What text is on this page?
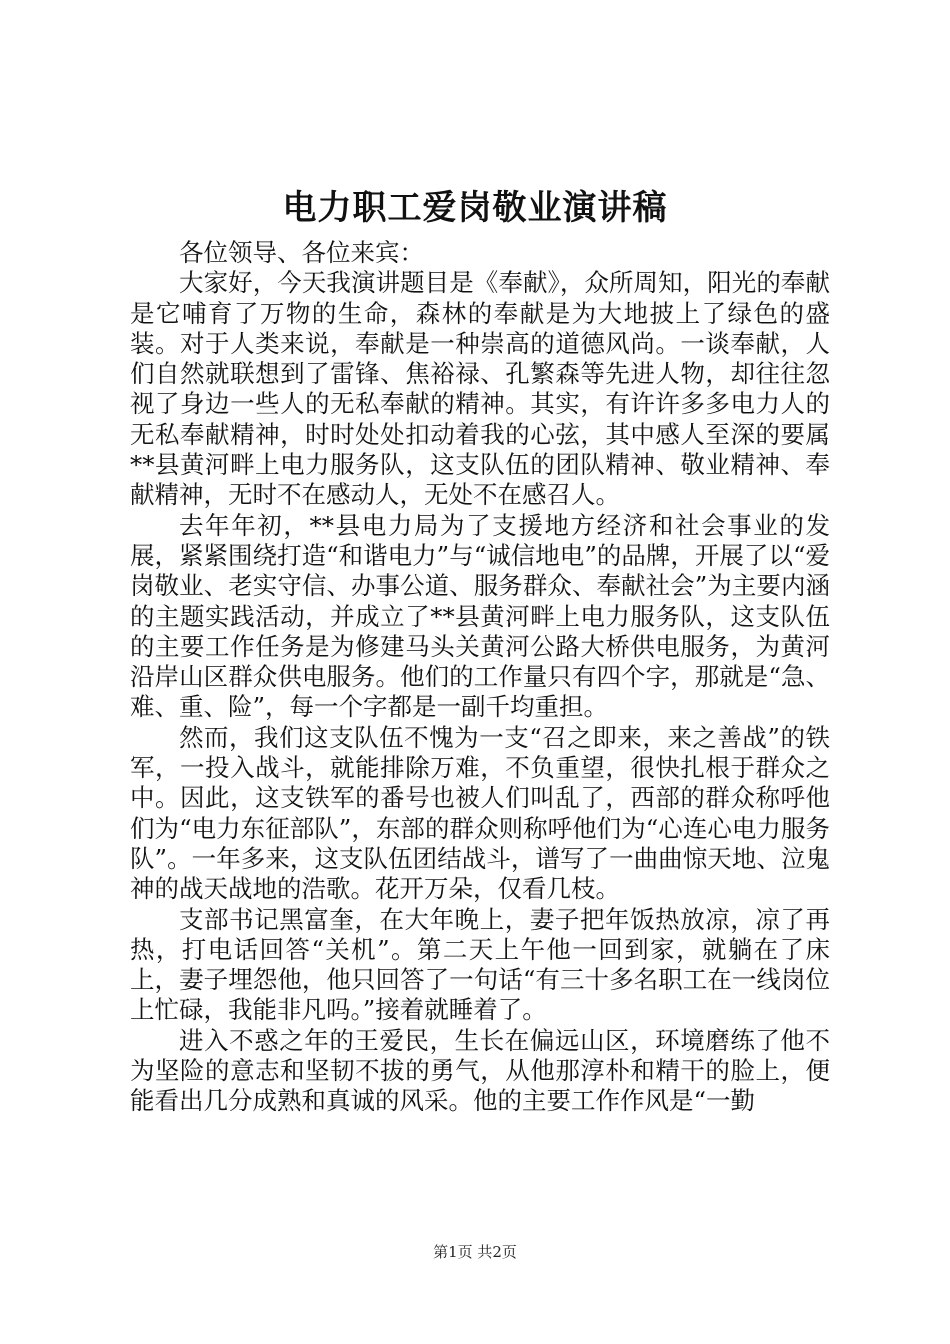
电力职工爱岗敬业演讲稿

各位领导、各位来宾：

大家好，今天我演讲题目是《奉献》，众所周知，阳光的奉献是它哺育了万物的生命，森林的奉献是为大地披上了绿色的盛装。对于人类来说，奉献是一种崇高的道德风尚。一谈奉献，人们自然就联想到了雷锋、焦裕禄、孔繁森等先进人物，却往往忽视了身边一些人的无私奉献的精神。其实，有许许多多电力人的无私奉献精神，时时处处扣动着我的心弦，其中感人至深的要属**县黄河畔上电力服务队，这支队伍的团队精神、敬业精神、奉献精神，无时不在感动人，无处不在感召人。

去年年初，**县电力局为了支援地方经济和社会事业的发展，紧紧围绕打造“和谐电力”与“诚信地电”的品牌，开展了以“爱岗敬业、老实守信、办事公道、服务群众、奉献社会”为主要内涵的主题实践活动，并成立了**县黄河畔上电力服务队，这支队伍的主要工作任务是为修建马头关黄河公路大桥供电服务，为黄河沿岸山区群众供电服务。他们的工作量只有四个字，那就是“急、难、重、险”，每一个字都是一副千均重担。

然而，我们这支队伍不愧为一支“召之即来，来之善战”的铁军，一投入战斗，就能排除万难，不负重望，很快扎根于群众之中。因此，这支铁军的番号也被人们叫乱了，西部的群众称呼他们为“电力东征部队”，东部的群众则称呼他们为“心连心电力服务队”。一年多来，这支队伍团结战斗，谱写了一曲曲惊天地、泣鬼神的战天战地的浩歌。花开万朵，仅看几枝。

支部书记黑富奎，在大年晚上，妻子把年饭热放凉，凉了再热，打电话回答“关机”。第二天上午他一回到家，就躺在了床上，妻子埋怨他，他只回答了一句话“有三十多名职工在一线岗位上忙碌，我能非凡吗。”接着就睡着了。

进入不惑之年的王爱民，生长在偏远山区，环境磨练了他不为坚险的意志和坚韧不拔的勇气，从他那淳朴和精干的脸上，便能看出几分成熟和真诚的风采。他的主要工作作风是“一勤

第1页 共2页
